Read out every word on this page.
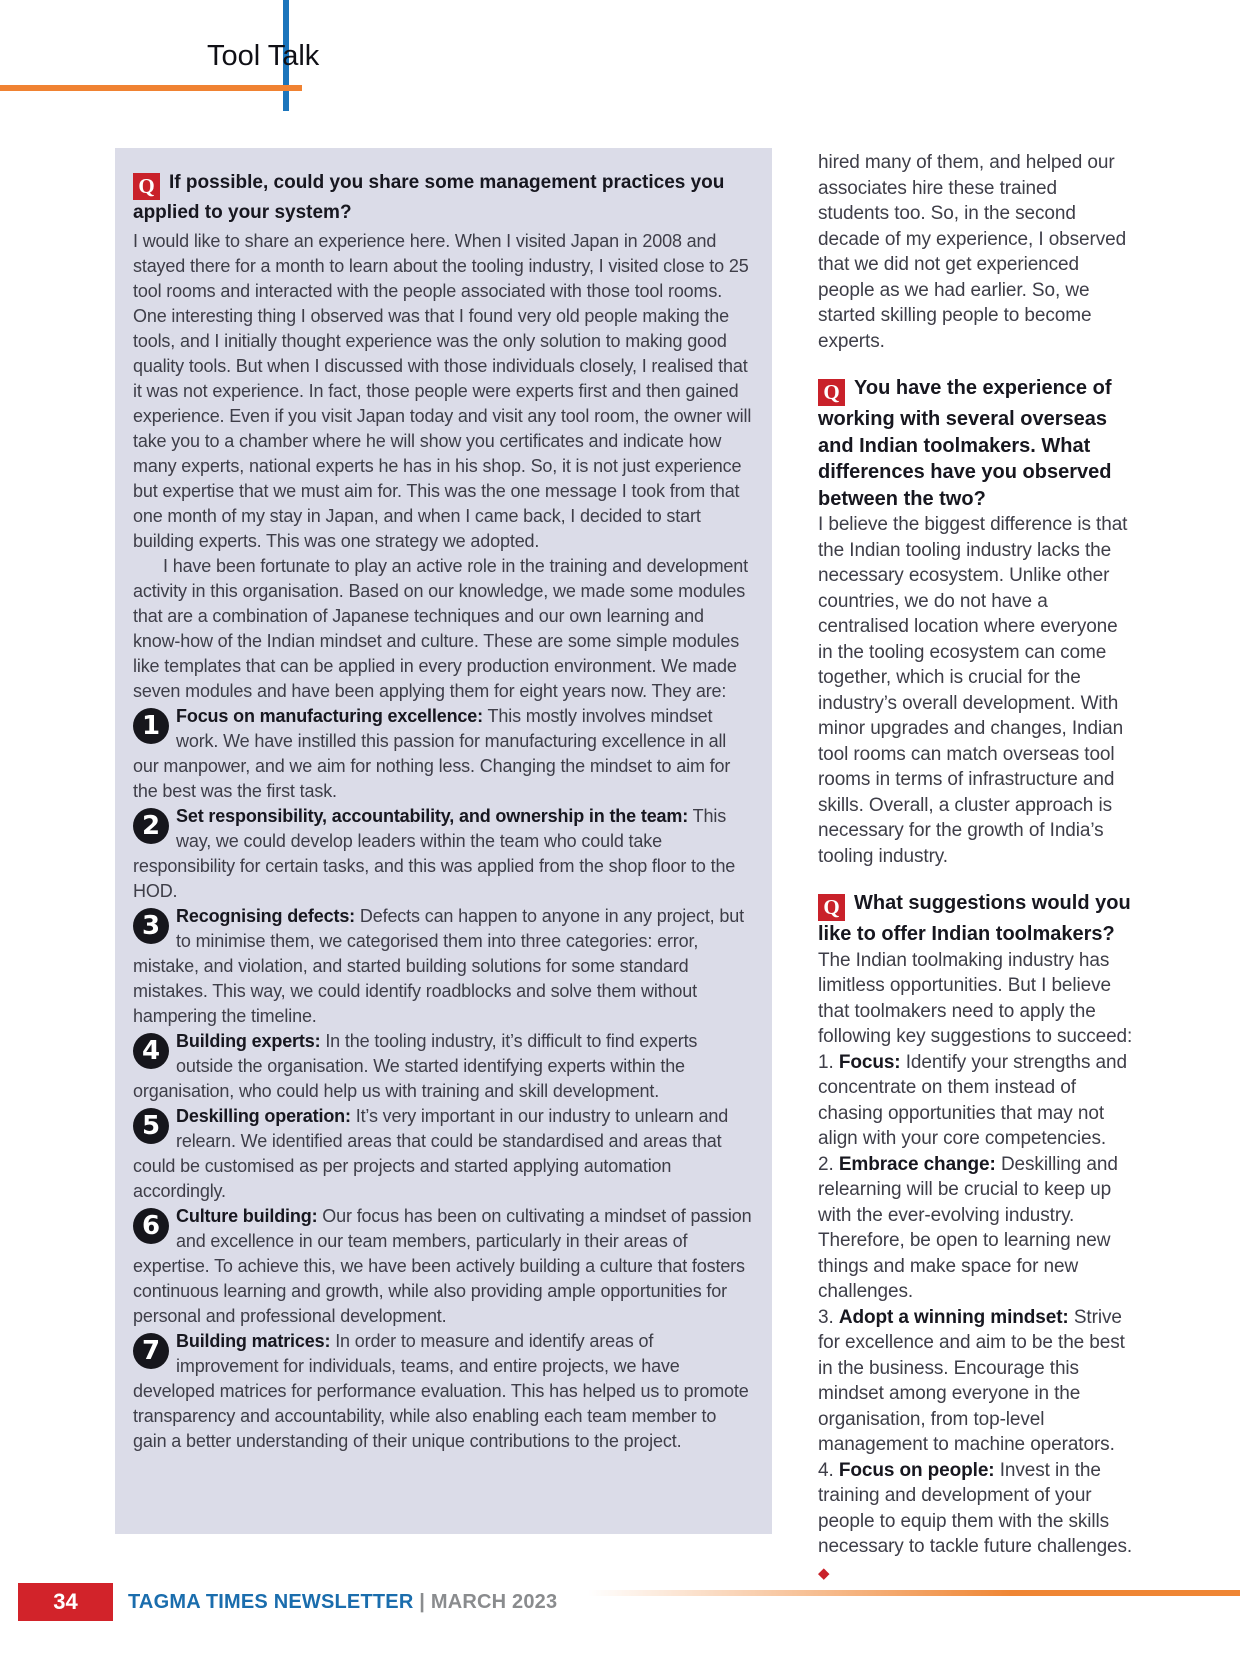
Tool Talk

Q If possible, could you share some management practices you applied to your system?

I would like to share an experience here. When I visited Japan in 2008 and stayed there for a month to learn about the tooling industry, I visited close to 25 tool rooms and interacted with the people associated with those tool rooms. One interesting thing I observed was that I found very old people making the tools, and I initially thought experience was the only solution to making good quality tools. But when I discussed with those individuals closely, I realised that it was not experience. In fact, those people were experts first and then gained experience. Even if you visit Japan today and visit any tool room, the owner will take you to a chamber where he will show you certificates and indicate how many experts, national experts he has in his shop. So, it is not just experience but expertise that we must aim for. This was the one message I took from that one month of my stay in Japan, and when I came back, I decided to start building experts. This was one strategy we adopted.

I have been fortunate to play an active role in the training and development activity in this organisation. Based on our knowledge, we made some modules that are a combination of Japanese techniques and our own learning and know-how of the Indian mindset and culture. These are some simple modules like templates that can be applied in every production environment. We made seven modules and have been applying them for eight years now. They are:

1 Focus on manufacturing excellence: This mostly involves mindset work. We have instilled this passion for manufacturing excellence in all our manpower, and we aim for nothing less. Changing the mindset to aim for the best was the first task.

2 Set responsibility, accountability, and ownership in the team: This way, we could develop leaders within the team who could take responsibility for certain tasks, and this was applied from the shop floor to the HOD.

3 Recognising defects: Defects can happen to anyone in any project, but to minimise them, we categorised them into three categories: error, mistake, and violation, and started building solutions for some standard mistakes. This way, we could identify roadblocks and solve them without hampering the timeline.

4 Building experts: In the tooling industry, it’s difficult to find experts outside the organisation. We started identifying experts within the organisation, who could help us with training and skill development.

5 Deskilling operation: It’s very important in our industry to unlearn and relearn. We identified areas that could be standardised and areas that could be customised as per projects and started applying automation accordingly.

6 Culture building: Our focus has been on cultivating a mindset of passion and excellence in our team members, particularly in their areas of expertise. To achieve this, we have been actively building a culture that fosters continuous learning and growth, while also providing ample opportunities for personal and professional development.

7 Building matrices: In order to measure and identify areas of improvement for individuals, teams, and entire projects, we have developed matrices for performance evaluation. This has helped us to promote transparency and accountability, while also enabling each team member to gain a better understanding of their unique contributions to the project.

hired many of them, and helped our associates hire these trained students too. So, in the second decade of my experience, I observed that we did not get experienced people as we had earlier. So, we started skilling people to become experts.

Q You have the experience of working with several overseas and Indian toolmakers. What differences have you observed between the two?

I believe the biggest difference is that the Indian tooling industry lacks the necessary ecosystem. Unlike other countries, we do not have a centralised location where everyone in the tooling ecosystem can come together, which is crucial for the industry’s overall development. With minor upgrades and changes, Indian tool rooms can match overseas tool rooms in terms of infrastructure and skills. Overall, a cluster approach is necessary for the growth of India’s tooling industry.

Q What suggestions would you like to offer Indian toolmakers?

The Indian toolmaking industry has limitless opportunities. But I believe that toolmakers need to apply the following key suggestions to succeed:

1. Focus: Identify your strengths and concentrate on them instead of chasing opportunities that may not align with your core competencies.

2. Embrace change: Deskilling and relearning will be crucial to keep up with the ever-evolving industry. Therefore, be open to learning new things and make space for new challenges.

3. Adopt a winning mindset: Strive for excellence and aim to be the best in the business. Encourage this mindset among everyone in the organisation, from top-level management to machine operators.

4. Focus on people: Invest in the training and development of your people to equip them with the skills necessary to tackle future challenges. ◆

34	TAGMA TIMES NEWSLETTER | MARCH 2023
